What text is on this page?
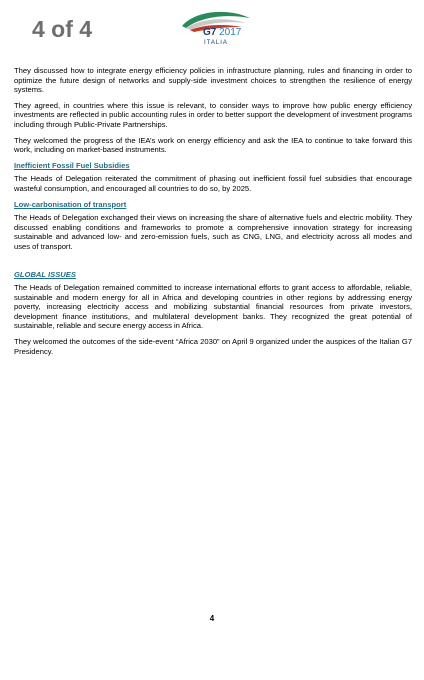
4 of 4	G7 2017
ITALIA

They discussed how to integrate energy efficiency policies in infrastructure planning, rules and financing in order to optimize the future design of networks and supply-side investment choices to strengthen the resilience of energy systems.

They agreed, in countries where this issue is relevant, to consider ways to improve how public energy efficiency investments are reflected in public accounting rules in order to better support the development of investment programs including through Public-Private Partnerships.

They welcomed the progress of the IEA’s work on energy efficiency and ask the IEA to continue to take forward this work, including on market-based instruments.

Inefficient Fossil Fuel Subsidies

The Heads of Delegation reiterated the commitment of phasing out inefficient fossil fuel subsidies that encourage wasteful consumption, and encouraged all countries to do so, by 2025.

Low-carbonisation of transport

The Heads of Delegation exchanged their views on increasing the share of alternative fuels and electric mobility. They discussed enabling conditions and frameworks to promote a comprehensive innovation strategy for increasing sustainable and advanced low- and zero-emission fuels, such as CNG, LNG, and electricity across all modes and uses of transport.

GLOBAL ISSUES

The Heads of Delegation remained committed to increase international efforts to grant access to affordable, reliable, sustainable and modern energy for all in Africa and developing countries in other regions by addressing energy poverty, increasing electricity access and mobilizing substantial financial resources from private investors, development finance institutions, and multilateral development banks. They recognized the great potential of sustainable, reliable and secure energy access in Africa.

They welcomed the outcomes of the side-event “Africa 2030” on April 9 organized under the auspices of the Italian G7 Presidency.

4
